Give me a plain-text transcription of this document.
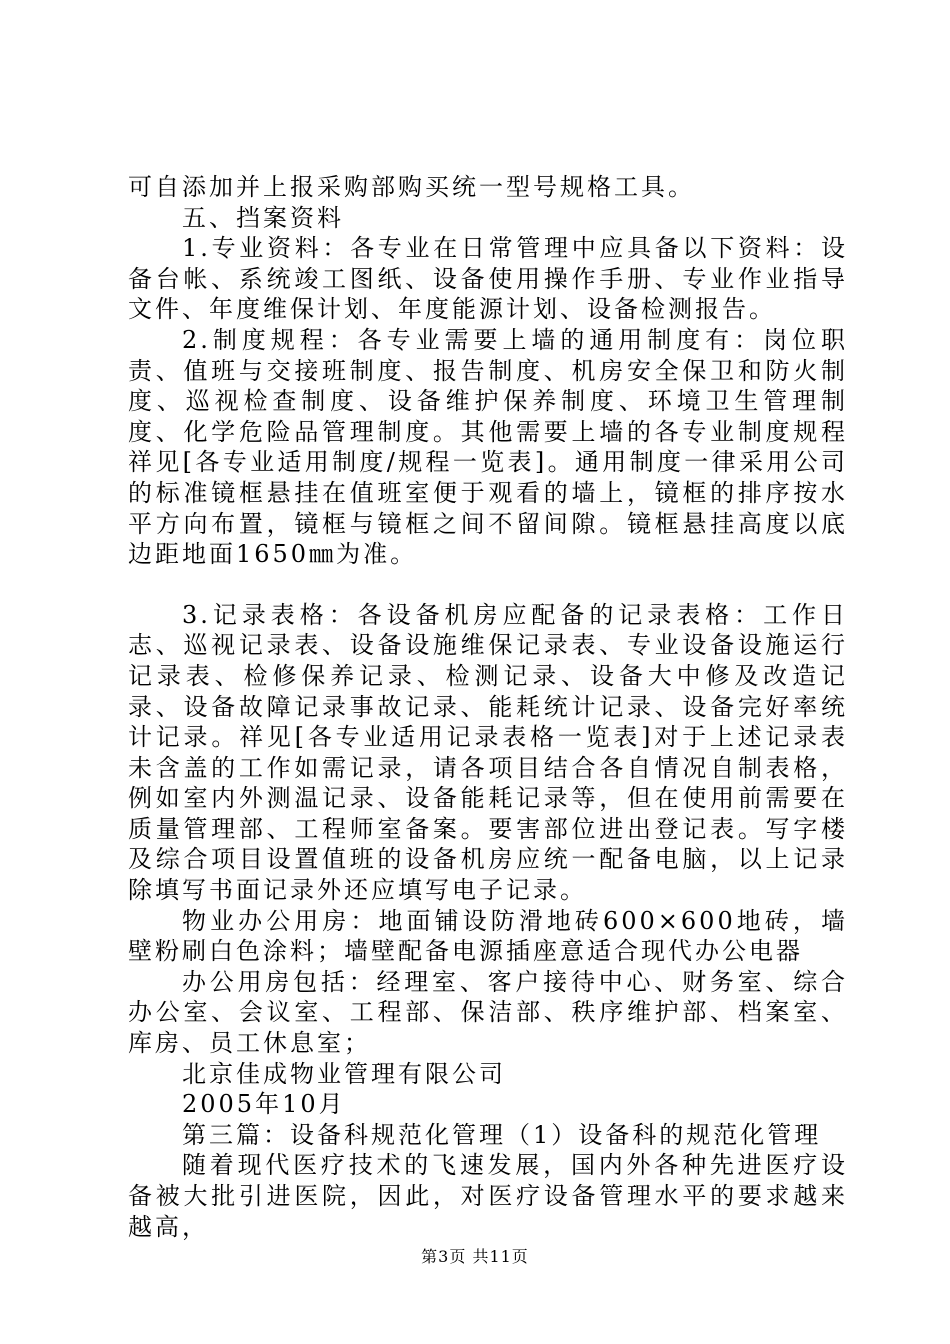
可自添加并上报采购部购买统一型号规格工具。

五、挡案资料

1.专业资料：各专业在日常管理中应具备以下资料：设备台帐、系统竣工图纸、设备使用操作手册、专业作业指导文件、年度维保计划、年度能源计划、设备检测报告。

2.制度规程：各专业需要上墙的通用制度有：岗位职责、值班与交接班制度、报告制度、机房安全保卫和防火制度、巡视检查制度、设备维护保养制度、环境卫生管理制度、化学危险品管理制度。其他需要上墙的各专业制度规程祥见[各专业适用制度/规程一览表]。通用制度一律采用公司的标准镜框悬挂在值班室便于观看的墙上，镜框的排序按水平方向布置，镜框与镜框之间不留间隙。镜框悬挂高度以底边距地面1650㎜为准。

3.记录表格：各设备机房应配备的记录表格：工作日志、巡视记录表、设备设施维保记录表、专业设备设施运行记录表、检修保养记录、检测记录、设备大中修及改造记录、设备故障记录事故记录、能耗统计记录、设备完好率统计记录。祥见[各专业适用记录表格一览表]对于上述记录表未含盖的工作如需记录，请各项目结合各自情况自制表格，例如室内外测温记录、设备能耗记录等，但在使用前需要在质量管理部、工程师室备案。要害部位进出登记表。写字楼及综合项目设置值班的设备机房应统一配备电脑，以上记录除填写书面记录外还应填写电子记录。

物业办公用房：地面铺设防滑地砖600×600地砖，墙壁粉刷白色涂料；墙壁配备电源插座意适合现代办公电器

办公用房包括：经理室、客户接待中心、财务室、综合办公室、会议室、工程部、保洁部、秩序维护部、档案室、库房、员工休息室；

北京佳成物业管理有限公司

2005年10月

第三篇：设备科规范化管理（1）设备科的规范化管理

随着现代医疗技术的飞速发展，国内外各种先进医疗设备被大批引进医院，因此，对医疗设备管理水平的要求越来越高，

第3页 共11页
